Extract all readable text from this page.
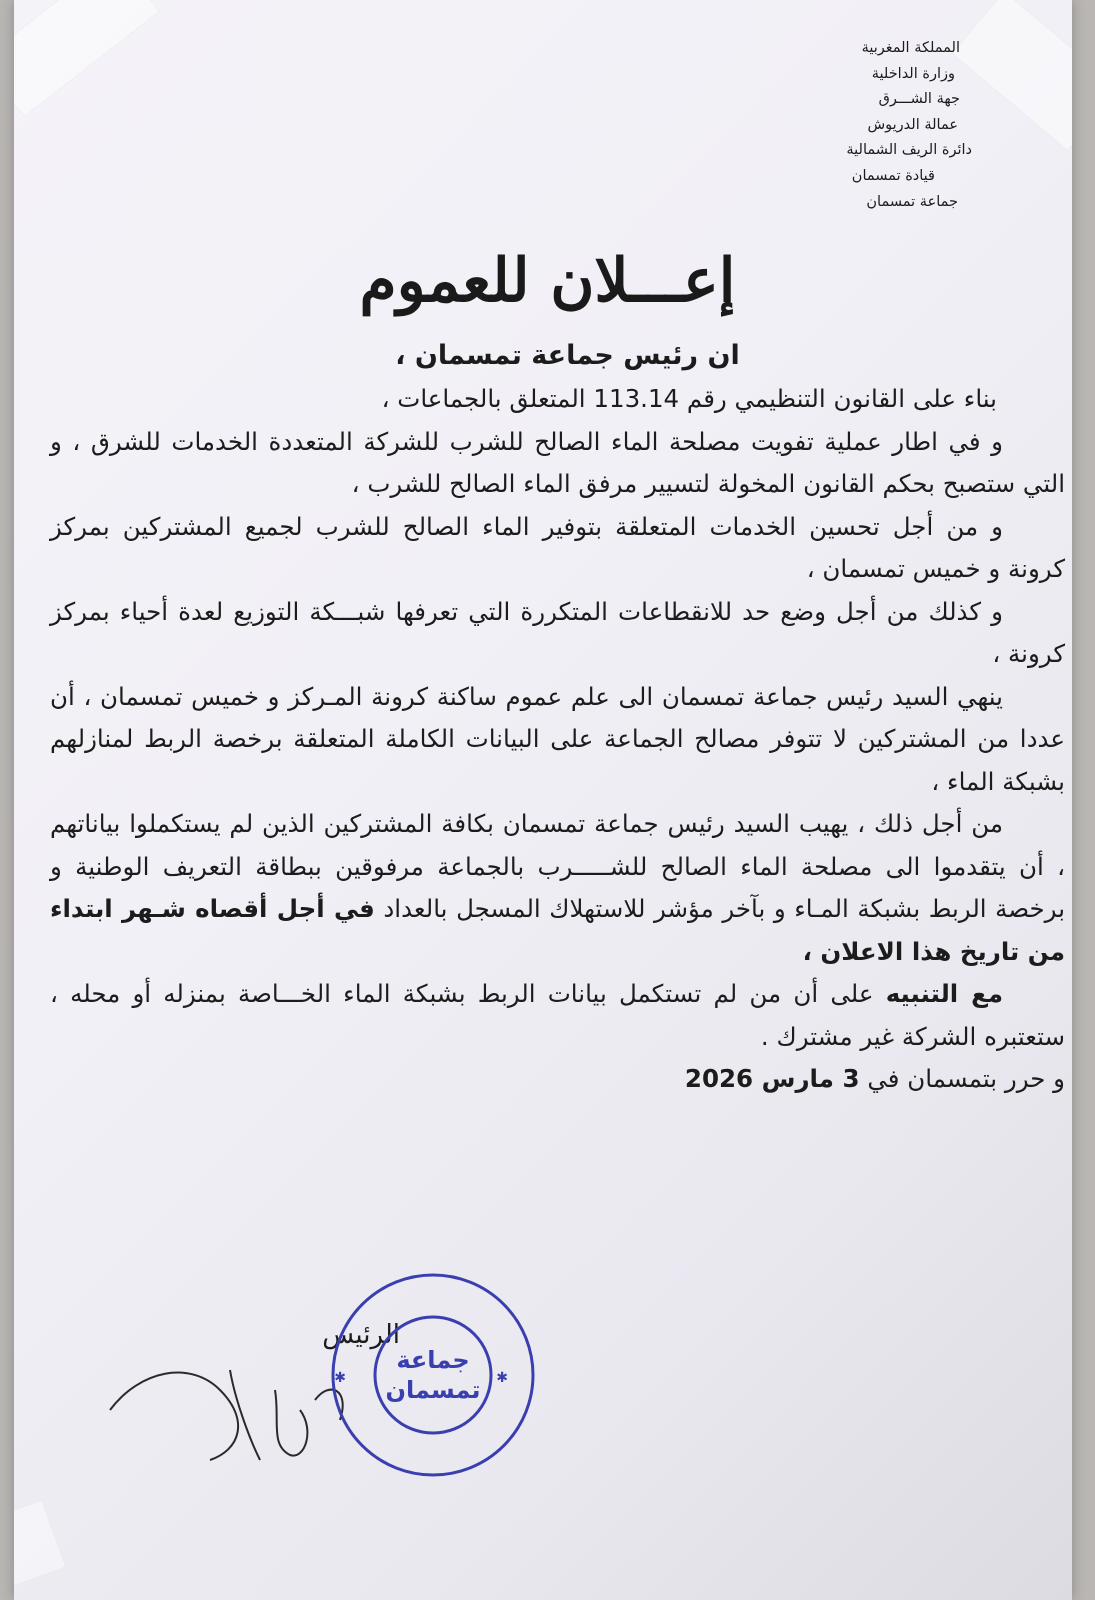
المملكة المغربية
وزارة الداخلية
جهة الشـــرق
عمالة الدريوش
دائرة الريف الشمالية
قيادة تمسمان
جماعة تمسمان
إعـــلان للعموم
ان رئيس جماعة تمسمان ،

بناء على القانون التنظيمي رقم 113.14 المتعلق بالجماعات ،

و في اطار عملية تفويت مصلحة الماء الصالح للشرب للشركة المتعددة الخدمات للشرق ، و التي ستصبح بحكم القانون المخولة لتسيير مرفق الماء الصالح للشرب ،

و من أجل تحسين الخدمات المتعلقة بتوفير الماء الصالح للشرب لجميع المشتركين بمركز كرونة و خميس تمسمان ،

و كذلك من أجل وضع حد للانقطاعات المتكررة التي تعرفها شبـــكة التوزيع لعدة أحياء بمركز كرونة ،

ينهي السيد رئيس جماعة تمسمان الى علم عموم ساكنة كرونة المـركز و خميس تمسمان ، أن عددا من المشتركين لا تتوفر مصالح الجماعة على البيانات الكاملة المتعلقة برخصة الربط لمنازلهم بشبكة الماء ،

من أجل ذلك ، يهيب السيد رئيس جماعة تمسمان بكافة المشتركين الذين لم يستكملوا بياناتهم ، أن يتقدموا الى مصلحة الماء الصالح للشـــــرب بالجماعة مرفوقين ببطاقة التعريف الوطنية و برخصة الربط بشبكة المـاء و بآخر مؤشر للاستهلاك المسجل بالعداد في أجل أقصاه شـهر ابتداء من تاريخ هذا الاعلان ،

مع التنبيه على أن من لم تستكمل بيانات الربط بشبكة الماء الخـــاصة بمنزله أو محله ، ستعتبره الشركة غير مشترك .

و حرر بتمسمان في 3 مارس 2026

الرئيس
✱	✱
جماعة
تمسمان
